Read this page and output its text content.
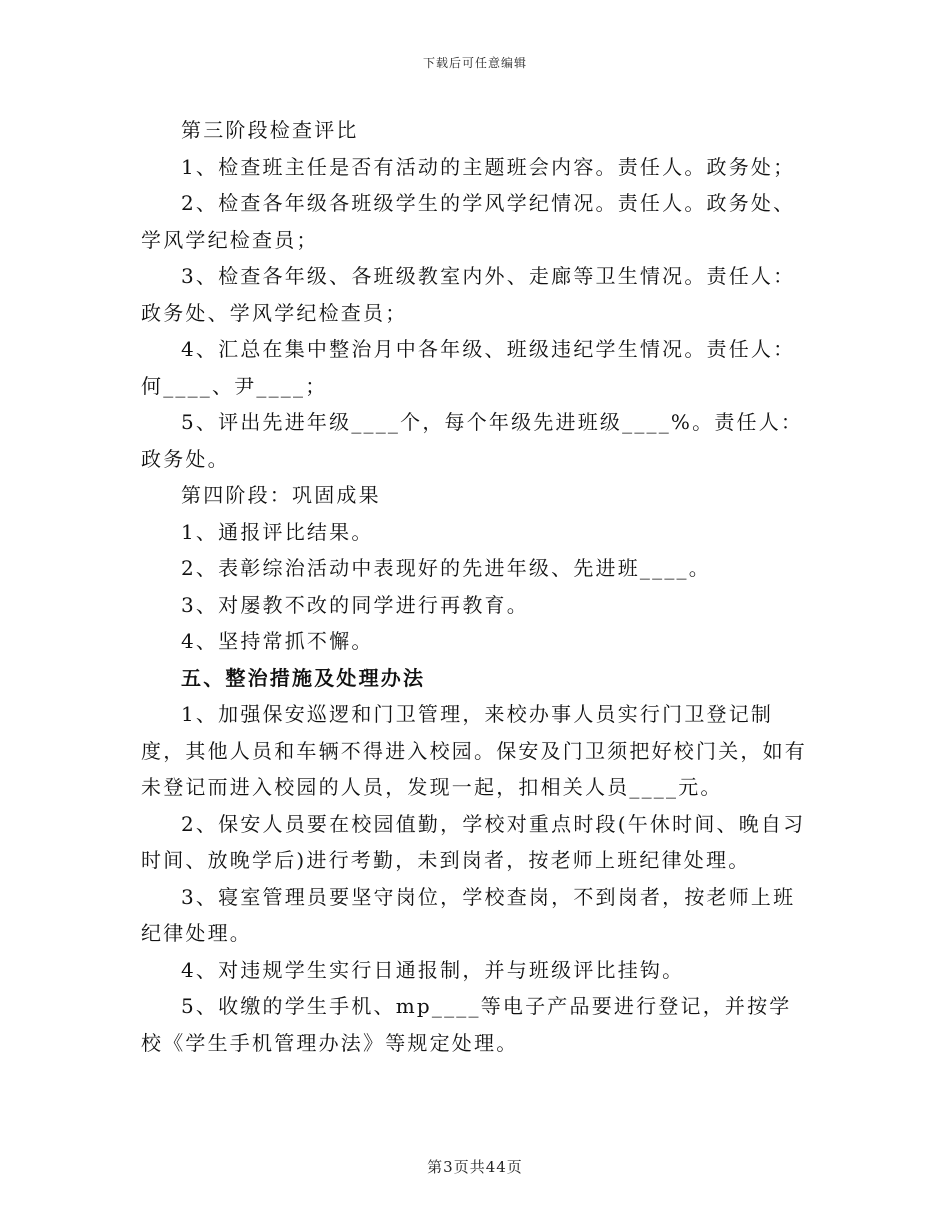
下载后可任意编辑

第三阶段检查评比

1、检查班主任是否有活动的主题班会内容。责任人。政务处；

2、检查各年级各班级学生的学风学纪情况。责任人。政务处、学风学纪检查员；

3、检查各年级、各班级教室内外、走廊等卫生情况。责任人：政务处、学风学纪检查员；

4、汇总在集中整治月中各年级、班级违纪学生情况。责任人：何____、尹____；

5、评出先进年级____个，每个年级先进班级____%。责任人：政务处。

第四阶段：巩固成果

1、通报评比结果。

2、表彰综治活动中表现好的先进年级、先进班____。

3、对屡教不改的同学进行再教育。

4、坚持常抓不懈。

五、整治措施及处理办法

1、加强保安巡逻和门卫管理，来校办事人员实行门卫登记制度，其他人员和车辆不得进入校园。保安及门卫须把好校门关，如有未登记而进入校园的人员，发现一起，扣相关人员____元。

2、保安人员要在校园值勤，学校对重点时段(午休时间、晚自习时间、放晚学后)进行考勤，未到岗者，按老师上班纪律处理。

3、寝室管理员要坚守岗位，学校查岗，不到岗者，按老师上班纪律处理。

4、对违规学生实行日通报制，并与班级评比挂钩。

5、收缴的学生手机、mp____等电子产品要进行登记，并按学校《学生手机管理办法》等规定处理。

第3页共44页
